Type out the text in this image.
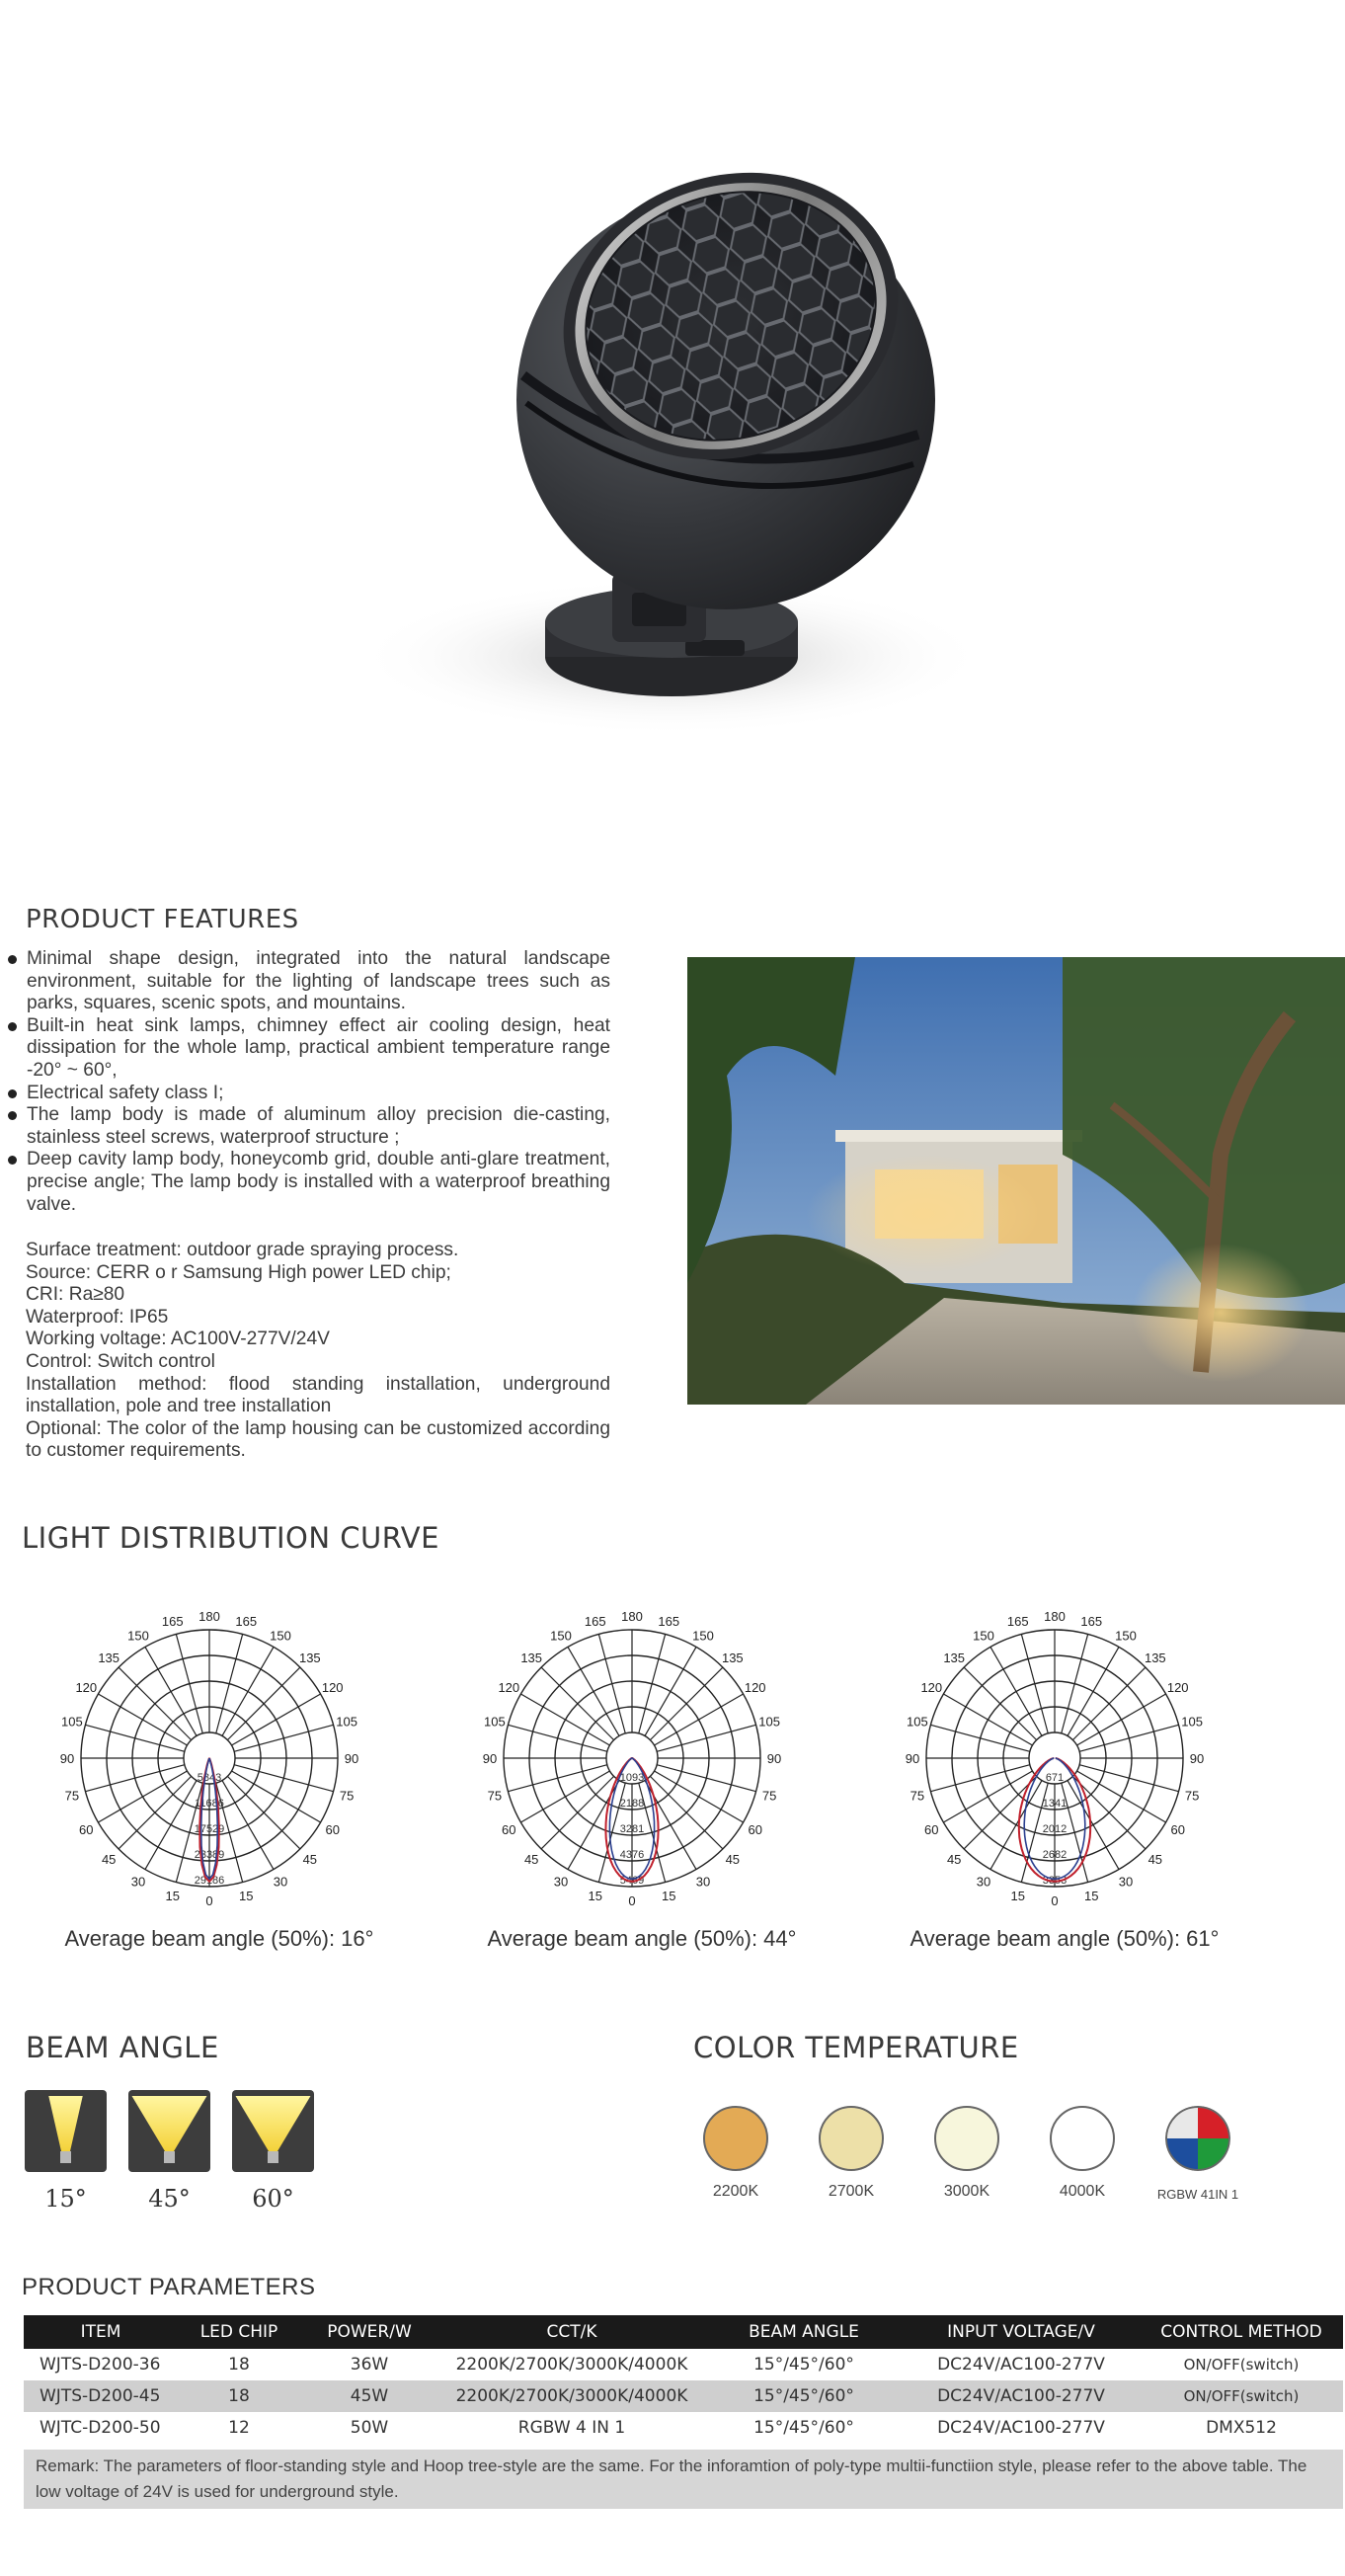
PRODUCT FEATURES
Minimal shape design, integrated into the natural landscape environment, suitable for the lighting of landscape trees such as parks, squares, scenic spots, and mountains.
Built-in heat sink lamps, chimney effect air cooling design, heat dissipation for the whole lamp, practical ambient temperature range -20° ~ 60°,
Electrical safety class I;
The lamp body is made of aluminum alloy precision die-casting, stainless steel screws, waterproof structure ;
Deep cavity lamp body, honeycomb grid, double anti-glare treatment, precise angle; The lamp body is installed with a waterproof breathing valve.

Surface treatment: outdoor grade spraying process.

Source: CERR o r Samsung High power LED chip;

CRI: Ra≥80

Waterproof: IP65

Working voltage: AC100V-277V/24V

Control: Switch control

Installation method: flood standing installation, underground installation, pole and tree installation

Optional: The color of the lamp housing can be customized according to customer requirements.

LIGHT DISTRIBUTION CURVE
180 165
165
150
150
135
135
120
120
105
105
90
90
75
75
60
60
45
45
30
30
15
15 0
5843
11686
17529
23389
29186
180 165
165
150
150
135
135
120
120
105
105
90
90
75
75
60
60
45
45
30
30
15
15 0
1093
2188
3281
4376
5469
180 165
165
150
150
135
135
120
120
105
105
90
90
75
75
60
60
45
45
30
30
15
15 0
671
1341
2012
2682
3353
Average beam angle (50%): 16°	Average beam angle (50%): 44°	Average beam angle (50%): 61°
BEAM ANGLE
15°	45°	60°
COLOR TEMPERATURE
2200K	2700K	3000K	4000K	RGBW 41IN 1
PRODUCT PARAMETERS
ITEM	LED CHIP	POWER/W	CCT/K	BEAM ANGLE	INPUT VOLTAGE/V	CONTROL METHOD
WJTS-D200-36	18	36W	2200K/2700K/3000K/4000K	15°/45°/60°	DC24V/AC100-277V	ON/OFF(switch)
WJTS-D200-45	18	45W	2200K/2700K/3000K/4000K	15°/45°/60°	DC24V/AC100-277V	ON/OFF(switch)
WJTC-D200-50	12	50W	RGBW 4 IN 1	15°/45°/60°	DC24V/AC100-277V	DMX512
Remark: The parameters of floor-standing style and Hoop tree-style are the same. For the inforamtion of poly-type multii-functiion style, please refer to the above table. The low voltage of 24V is used for underground style.
